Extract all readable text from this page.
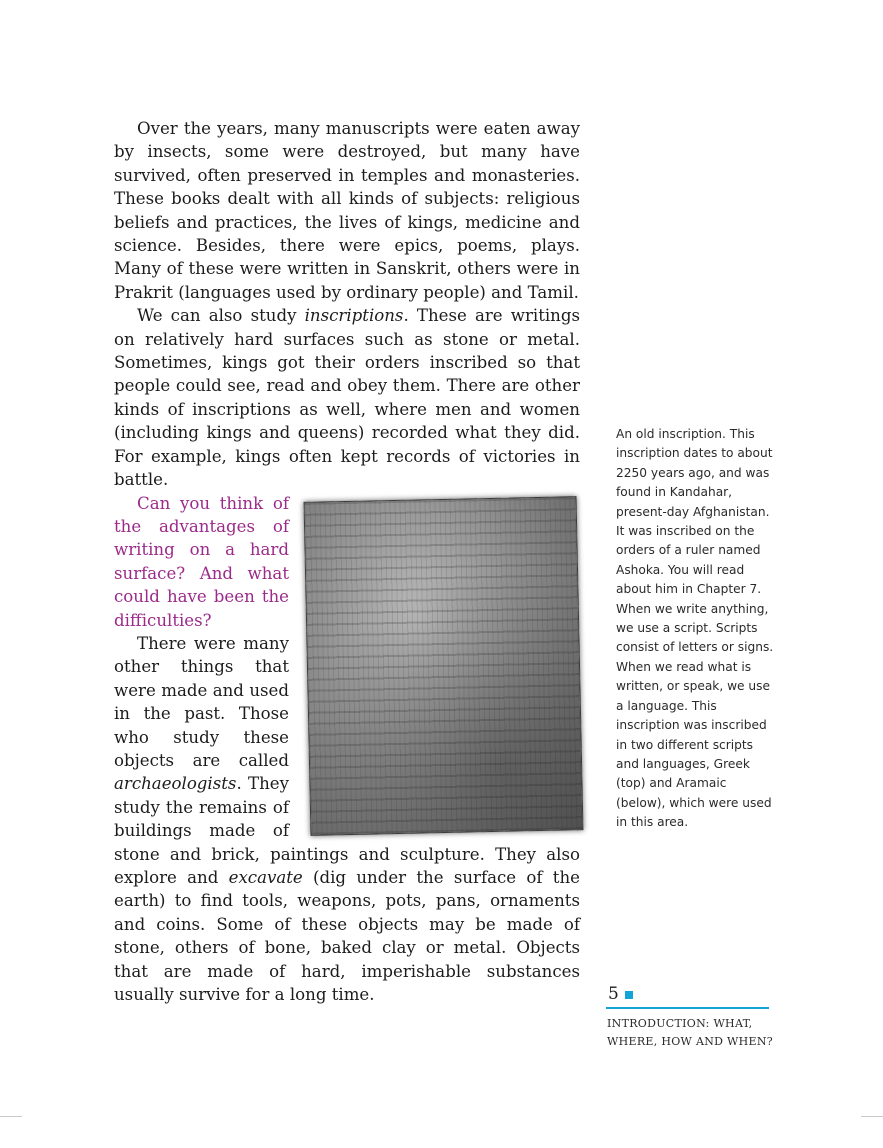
Over the years, many manuscripts were eaten away by insects, some were destroyed, but many have survived, often preserved in temples and monasteries. These books dealt with all kinds of subjects: religious beliefs and practices, the lives of kings, medicine and science. Besides, there were epics, poems, plays. Many of these were written in Sanskrit, others were in Prakrit (languages used by ordinary people) and Tamil.

We can also study inscriptions. These are writings on relatively hard surfaces such as stone or metal. Sometimes, kings got their orders inscribed so that people could see, read and obey them. There are other kinds of inscriptions as well, where men and women (including kings and queens) recorded what they did. For example, kings often kept records of victories in battle.

Can you think of the advantages of writing on a hard surface? And what could have been the difficulties?

There were many other things that were made and used in the past. Those who study these objects are called archaeologists. They study the remains of buildings made of stone and brick, paintings and sculpture. They also explore and excavate (dig under the surface of the earth) to find tools, weapons, pots, pans, ornaments and coins. Some of these objects may be made of stone, others of bone, baked clay or metal. Objects that are made of hard, imperishable substances usually survive for a long time.

An old inscription. This inscription dates to about 2250 years ago, and was found in Kandahar, present-day Afghanistan. It was inscribed on the orders of a ruler named Ashoka. You will read about him in Chapter 7. When we write anything, we use a script. Scripts consist of letters or signs. When we read what is written, or speak, we use a language. This inscription was inscribed in two different scripts and languages, Greek (top) and Aramaic (below), which were used in this area.
5
INTRODUCTION: WHAT, WHERE, HOW AND WHEN?
